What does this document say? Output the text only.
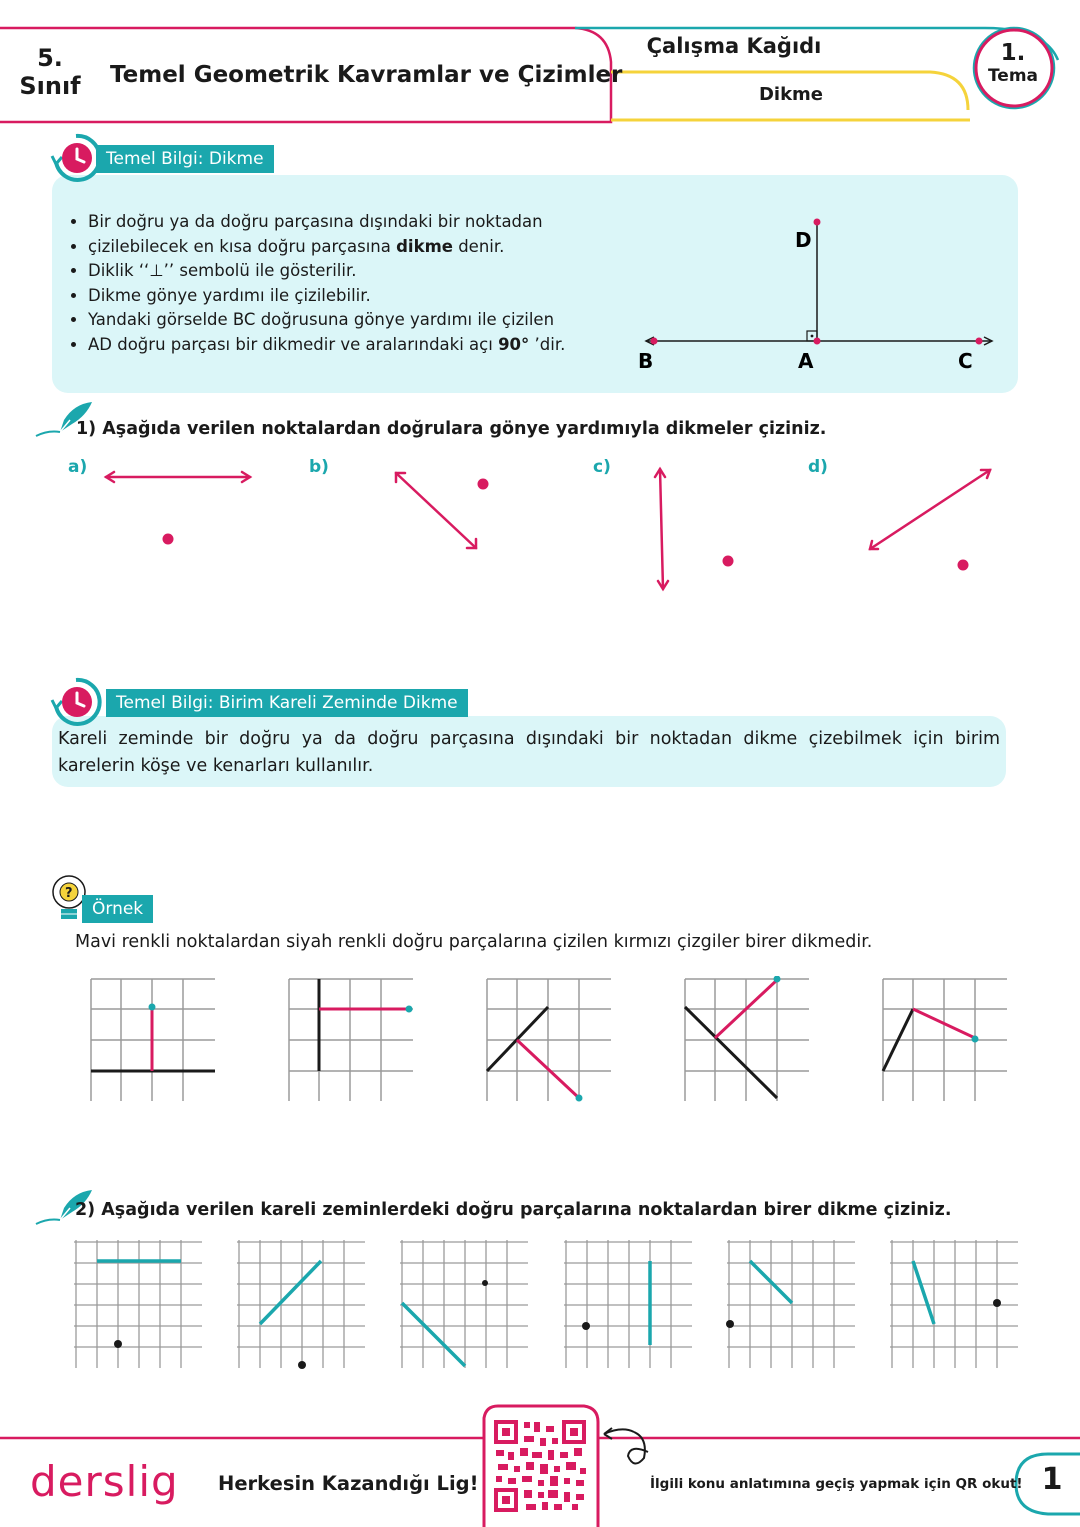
5.
Sınıf Temel Geometrik Kavramlar ve Çizimler
Çalışma Kağıdı
Dikme
1.
Tema
Temel Bilgi: Dikme
• Bir doğru ya da doğru parçasına dışındaki bir noktadan
• çizilebilecek en kısa doğru parçasına dikme denir.
• Diklik ‘‘⊥’’ sembolü ile gösterilir.
• Dikme gönye yardımı ile çizilebilir.
• Yandaki görselde BC doğrusuna gönye yardımı ile çizilen
• AD doğru parçası bir dikmedir ve aralarındaki açı 90° ’dir.
D
B	A	C
1) Aşağıda verilen noktalardan doğrulara gönye yardımıyla dikmeler çiziniz.
a)	b)	c)	d)
Temel Bilgi: Birim Kareli Zeminde Dikme
Kareli zeminde bir doğru ya da doğru parçasına dışındaki bir noktadan dikme çizebilmek için birim karelerin köşe ve kenarları kullanılır.
?
Örnek
Mavi renkli noktalardan siyah renkli doğru parçalarına çizilen kırmızı çizgiler birer dikmedir.
2) Aşağıda verilen kareli zeminlerdeki doğru parçalarına noktalardan birer dikme çiziniz.
derslig Herkesin Kazandığı Lig!	İlgili konu anlatımına geçiş yapmak için QR okut! 1
